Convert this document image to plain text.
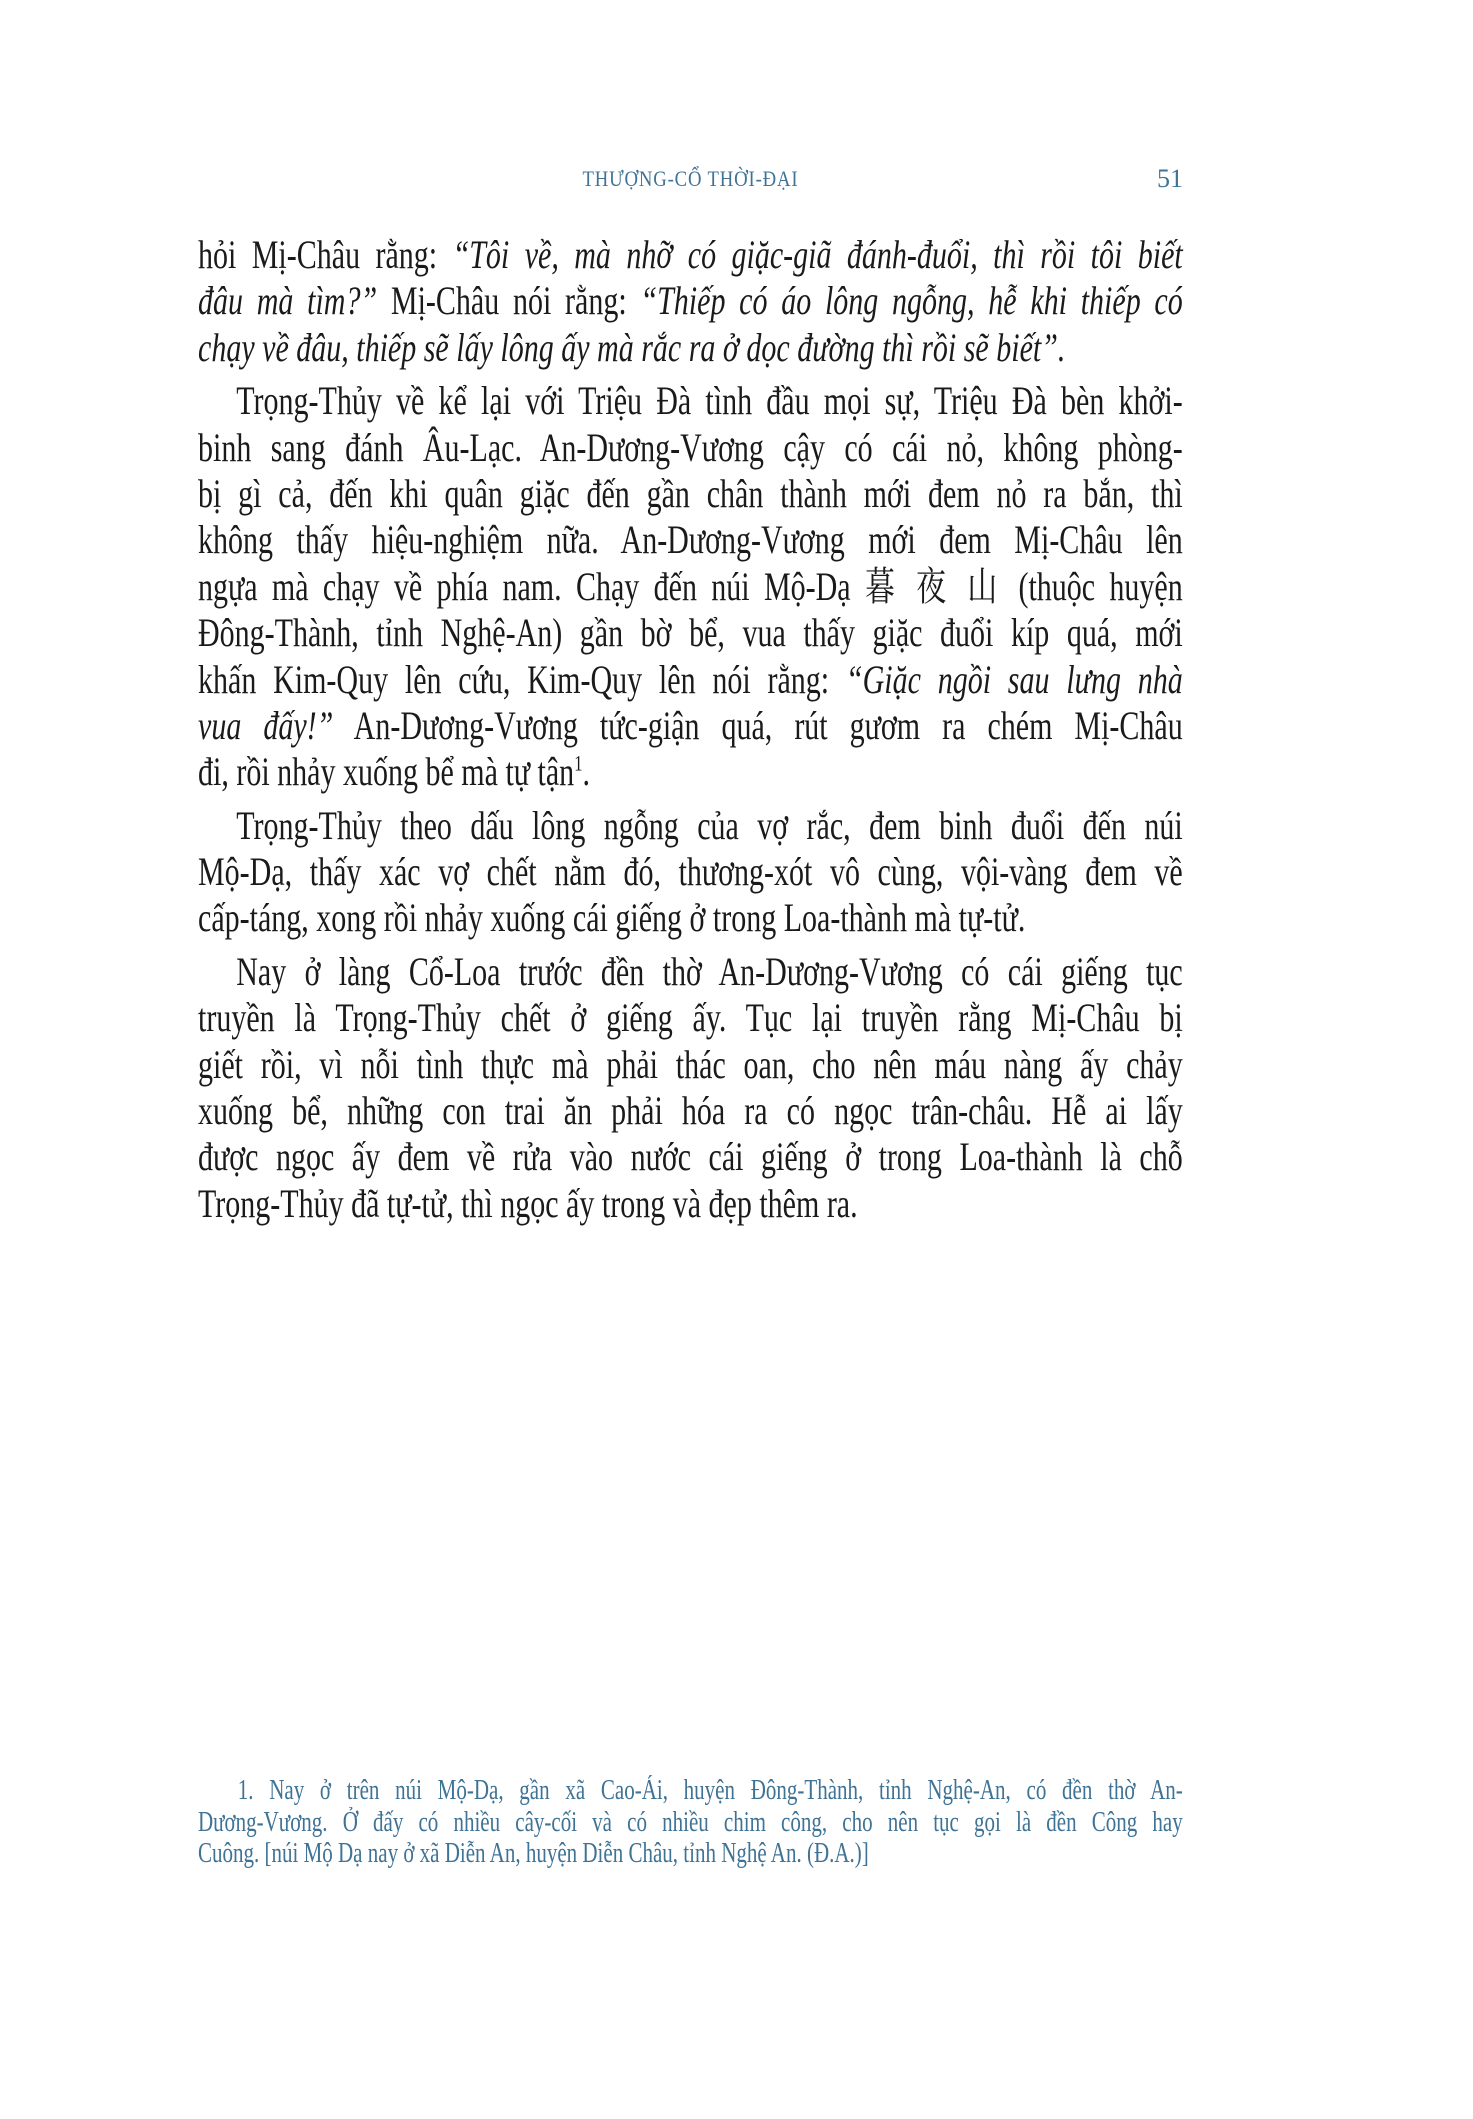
THƯỢNG-CỔ THỜI-ĐẠI	51
hỏi Mị-Châu rằng: “Tôi về, mà nhỡ có giặc-giã đánh-đuổi, thì rồi tôi biết
đâu mà tìm?” Mị-Châu nói rằng: “Thiếp có áo lông ngỗng, hễ khi thiếp có
chạy về đâu, thiếp sẽ lấy lông ấy mà rắc ra ở dọc đường thì rồi sẽ biết”.
Trọng-Thủy về kể lại với Triệu Đà tình đầu mọi sự, Triệu Đà bèn khởi-
binh sang đánh Âu-Lạc. An-Dương-Vương cậy có cái nỏ, không phòng-
bị gì cả, đến khi quân giặc đến gần chân thành mới đem nỏ ra bắn, thì
không thấy hiệu-nghiệm nữa. An-Dương-Vương mới đem Mị-Châu lên
ngựa mà chạy về phía nam. Chạy đến núi Mộ-Dạ 暮 夜 山 (thuộc huyện
Đông-Thành, tỉnh Nghệ-An) gần bờ bể, vua thấy giặc đuổi kíp quá, mới
khấn Kim-Quy lên cứu, Kim-Quy lên nói rằng: “Giặc ngồi sau lưng nhà
vua đấy!” An-Dương-Vương tức-giận quá, rút gươm ra chém Mị-Châu
đi, rồi nhảy xuống bể mà tự tận$^1$.
Trọng-Thủy theo dấu lông ngỗng của vợ rắc, đem binh đuổi đến núi
Mộ-Dạ, thấy xác vợ chết nằm đó, thương-xót vô cùng, vội-vàng đem về
cấp-táng, xong rồi nhảy xuống cái giếng ở trong Loa-thành mà tự-tử.
Nay ở làng Cổ-Loa trước đền thờ An-Dương-Vương có cái giếng tục
truyền là Trọng-Thủy chết ở giếng ấy. Tục lại truyền rằng Mị-Châu bị
giết rồi, vì nỗi tình thực mà phải thác oan, cho nên máu nàng ấy chảy
xuống bể, những con trai ăn phải hóa ra có ngọc trân-châu. Hễ ai lấy
được ngọc ấy đem về rửa vào nước cái giếng ở trong Loa-thành là chỗ
Trọng-Thủy đã tự-tử, thì ngọc ấy trong và đẹp thêm ra.
1. Nay ở trên núi Mộ-Dạ, gần xã Cao-Ái, huyện Đông-Thành, tỉnh Nghệ-An, có đền thờ An-
Dương-Vương. Ở đấy có nhiều cây-cối và có nhiều chim công, cho nên tục gọi là đền Công hay
Cuông. [núi Mộ Dạ nay ở xã Diễn An, huyện Diễn Châu, tỉnh Nghệ An. (Đ.A.)]
